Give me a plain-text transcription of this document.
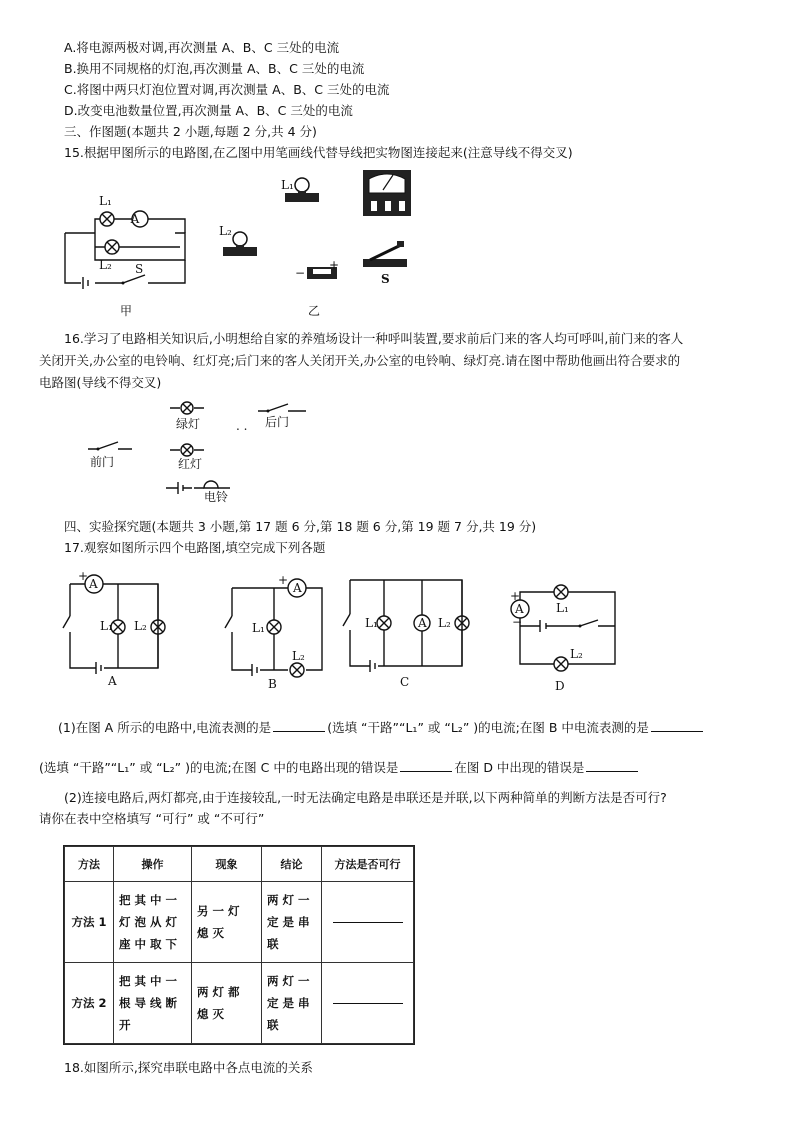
A.将电源两极对调,再次测量 A、B、C 三处的电流
B.换用不同规格的灯泡,再次测量 A、B、C 三处的电流
C.将图中两只灯泡位置对调,再次测量 A、B、C 三处的电流
D.改变电池数量位置,再次测量 A、B、C 三处的电流
三、作图题(本题共 2 小题,每题 2 分,共 4 分)
15.根据甲图所示的电路图,在乙图中用笔画线代替导线把实物图连接起来(注意导线不得交叉)
L₁
A
L₂ S
甲
L₁
L₂
−
+
S
乙
16.学习了电路相关知识后,小明想给自家的养殖场设计一种呼叫装置,要求前后门来的客人均可呼叫,前门来的客人
关闭开关,办公室的电铃响、红灯亮;后门来的客人关闭开关,办公室的电铃响、绿灯亮.请在图中帮助他画出符合要求的
电路图(导线不得交叉)
绿灯	后门
. .
前门	红灯
电铃
四、实验探究题(本题共 3 小题,第 17 题 6 分,第 18 题 6 分,第 19 题 7 分,共 19 分)
17.观察如图所示四个电路图,填空完成下列各题
+
A
L₁ L₂
A
+
A
L₁
L₂
B
L₁	A L₂
C
+
A
−
L₁
L₂
D
(1)在图 A 所示的电路中,电流表测的是	(选填 “干路”“L₁” 或 “L₂” )的电流;在图 B 中电流表测的是
(选填 “干路”“L₁” 或 “L₂” )的电流;在图 C 中的电路出现的错误是	在图 D 中出现的错误是
(2)连接电路后,两灯都亮,由于连接较乱,一时无法确定电路是串联还是并联,以下两种简单的判断方法是否可行?
请你在表中空格填写 “可行” 或 “不可行”
方法	操作	现象	结论	方法是否可行
方法 1	把其中一灯泡从灯座中取下	另一灯熄灭	两灯一定是串联	

方法 2	把其中一根导线断开	两灯都熄灭	两灯一定是串联	
18.如图所示,探究串联电路中各点电流的关系
